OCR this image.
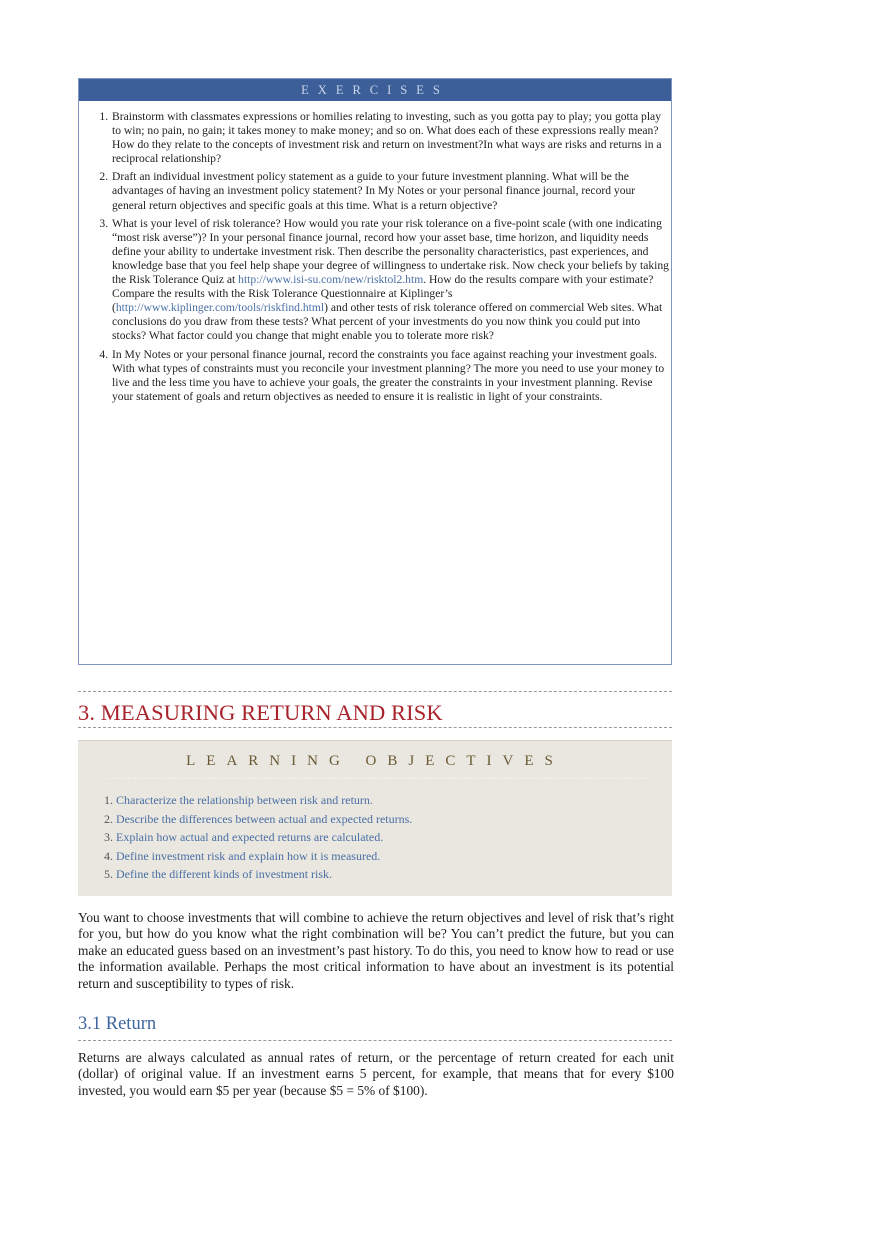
EXERCISES
1. Brainstorm with classmates expressions or homilies relating to investing, such as you gotta pay to play; you gotta play to win; no pain, no gain; it takes money to make money; and so on. What does each of these expressions really mean? How do they relate to the concepts of investment risk and return on investment?In what ways are risks and returns in a reciprocal relationship?
2. Draft an individual investment policy statement as a guide to your future investment planning. What will be the advantages of having an investment policy statement? In My Notes or your personal finance journal, record your general return objectives and specific goals at this time. What is a return objective?
3. What is your level of risk tolerance? How would you rate your risk tolerance on a five-point scale (with one indicating “most risk averse”)? In your personal finance journal, record how your asset base, time horizon, and liquidity needs define your ability to undertake investment risk. Then describe the personality characteristics, past experiences, and knowledge base that you feel help shape your degree of willingness to undertake risk. Now check your beliefs by taking the Risk Tolerance Quiz at http://www.isi-su.com/new/risktol2.htm. How do the results compare with your estimate? Compare the results with the Risk Tolerance Questionnaire at Kiplinger’s (http://www.kiplinger.com/tools/riskfind.html) and other tests of risk tolerance offered on commercial Web sites. What conclusions do you draw from these tests? What percent of your investments do you now think you could put into stocks? What factor could you change that might enable you to tolerate more risk?
4. In My Notes or your personal finance journal, record the constraints you face against reaching your investment goals. With what types of constraints must you reconcile your investment planning? The more you need to use your money to live and the less time you have to achieve your goals, the greater the constraints in your investment planning. Revise your statement of goals and return objectives as needed to ensure it is realistic in light of your constraints.
3. MEASURING RETURN AND RISK
LEARNING OBJECTIVES
1. Characterize the relationship between risk and return.
2. Describe the differences between actual and expected returns.
3. Explain how actual and expected returns are calculated.
4. Define investment risk and explain how it is measured.
5. Define the different kinds of investment risk.

You want to choose investments that will combine to achieve the return objectives and level of risk that’s right for you, but how do you know what the right combination will be? You can’t predict the future, but you can make an educated guess based on an investment’s past history. To do this, you need to know how to read or use the information available. Perhaps the most critical information to have about an investment is its potential return and susceptibility to types of risk.

3.1 Return

Returns are always calculated as annual rates of return, or the percentage of return created for each unit (dollar) of original value. If an investment earns 5 percent, for example, that means that for every $100 invested, you would earn $5 per year (because $5 = 5% of $100).
